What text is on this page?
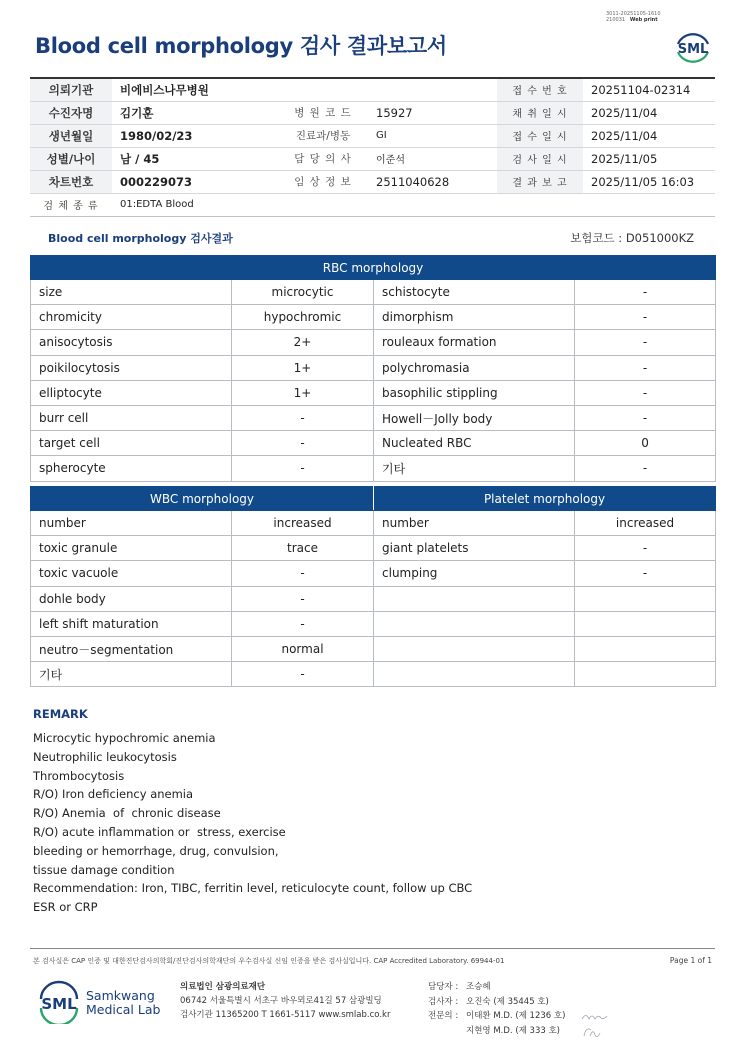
3011-20251105-1610
210031 Web print
Blood cell morphology 검사 결과보고서	SML
의뢰기관	비에비스나무병원			접 수 번 호	20251104-02314
수진자명	김기훈	병 원 코 드	15927	채 취 일 시	2025/11/04
생년월일	1980/02/23	진료과/병동	GI	접 수 일 시	2025/11/04
성별/나이	남 / 45	담 당 의 사	이준석	검 사 일 시	2025/11/05
차트번호	000229073	임 상 정 보	2511040628	결 과 보 고	2025/11/05 16:03
검 체 종 류	01:EDTA Blood				
Blood cell morphology 검사결과	보험코드 : D051000KZ
RBC morphology			
size	microcytic	schistocyte	-
chromicity	hypochromic	dimorphism	-
anisocytosis	2+	rouleaux formation	-
poikilocytosis	1+	polychromasia	-
elliptocyte	1+	basophilic stippling	-
burr cell	-	Howell－Jolly body	-
target cell	-	Nucleated RBC	0
spherocyte	-	기타	-
WBC morphology		Platelet morphology	
number	increased	number	increased
toxic granule	trace	giant platelets	-
toxic vacuole	-	clumping	-
dohle body	-		
left shift maturation	-		
neutro－segmentation	normal		
기타	-		
REMARK
Microcytic hypochromic anemia
Neutrophilic leukocytosis
Thrombocytosis
R/O) Iron deficiency anemia
R/O) Anemia  of  chronic disease
R/O) acute inflammation or  stress, exercise
bleeding or hemorrhage, drug, convulsion,
tissue damage condition
Recommendation: Iron, TIBC, ferritin level, reticulocyte count, follow up CBC
ESR or CRP
본 검사실은 CAP 인증 및 대한진단검사의학회/진단검사의학재단의 우수검사실 신임 인증을 받은 검사실입니다. CAP Accredited Laboratory. 69944-01	Page 1 of 1
SML Samkwang
Medical Lab
의료법인 삼광의료재단
06742 서울특별시 서초구 바우뫼로41길 57 삼광빌딩
검사기관 11365200 T 1661-5117 www.smlab.co.kr
담당자 : 조승혜
검사자 : 오진숙 (제 35445 호)
전문의 : 이태환 M.D. (제 1236 호)
지현영 M.D. (제 333 호)
